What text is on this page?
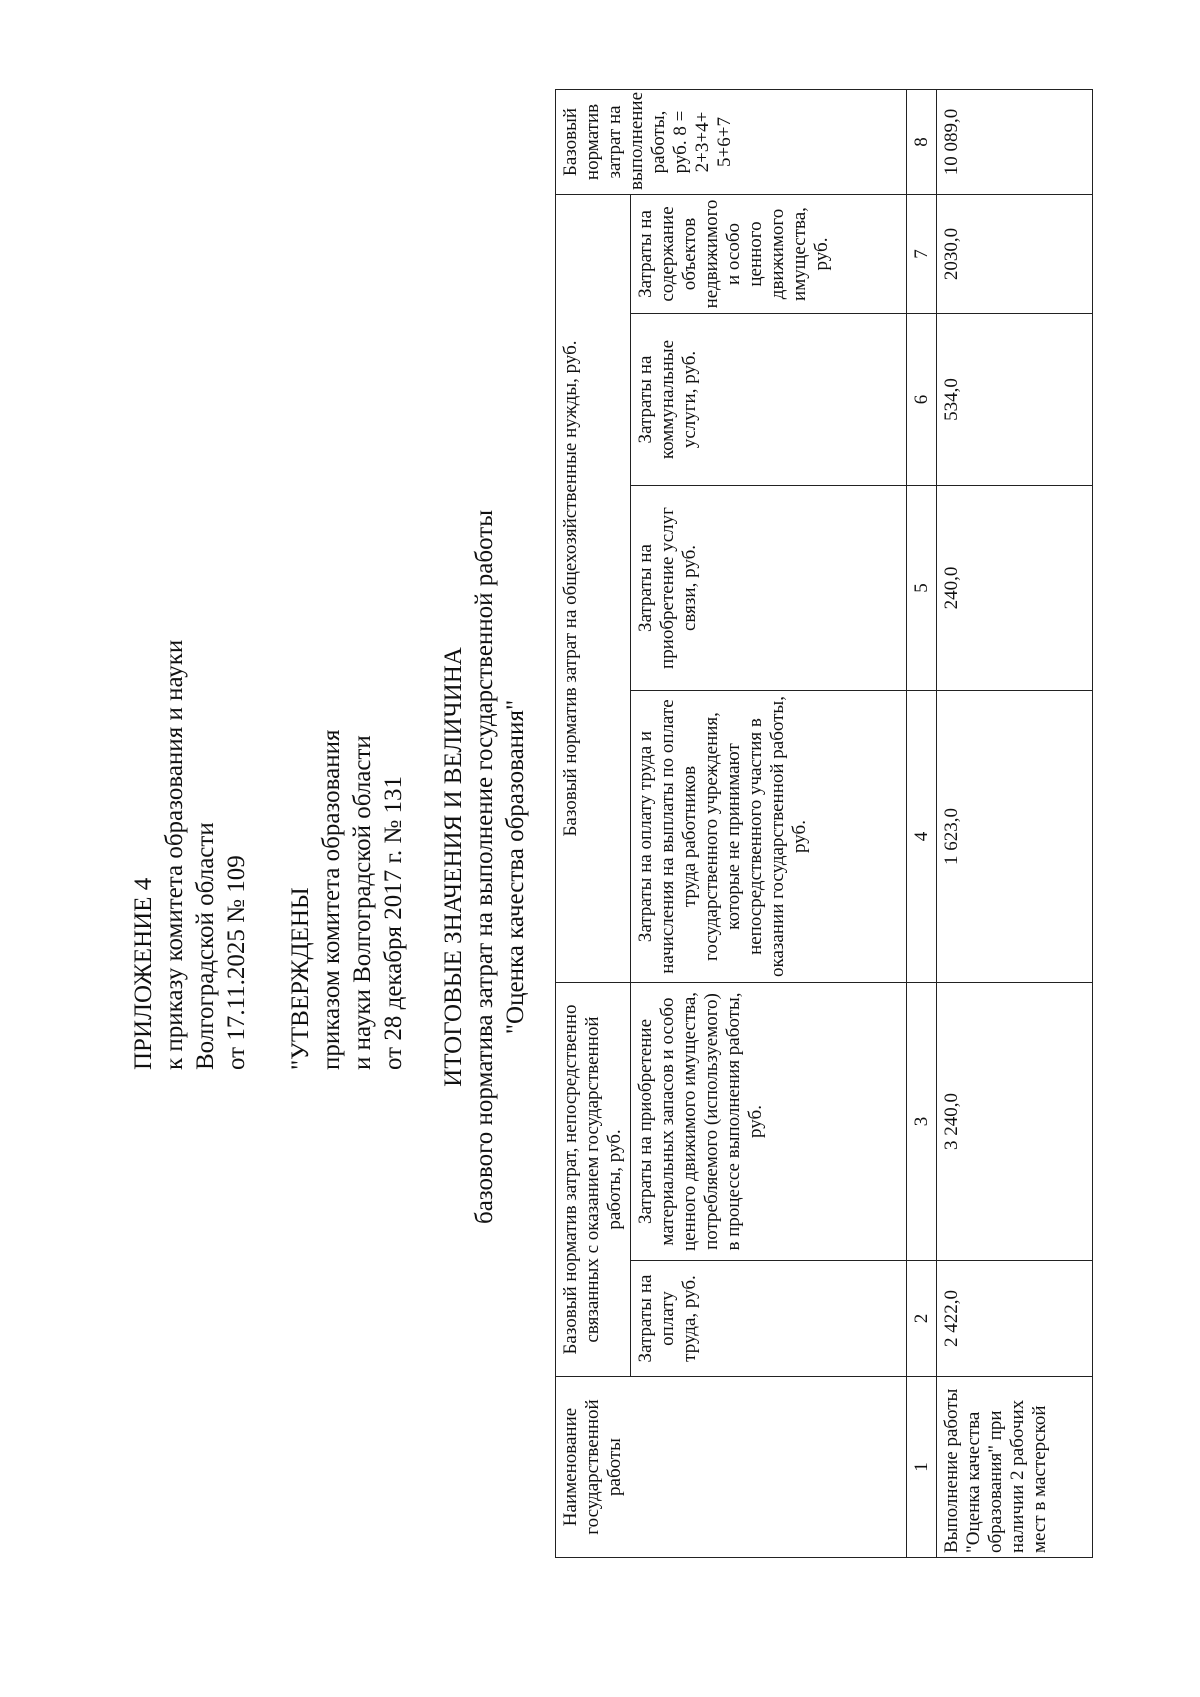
ПРИЛОЖЕНИЕ 4 к приказу комитета образования и науки Волгоградской области от 17.11.2025 № 109 "УТВЕРЖДЕНЫ приказом комитета образования и науки Волгоградской области от 28 декабря 2017 г. № 131 ИТОГОВЫЕ ЗНАЧЕНИЯ И ВЕЛИЧИНА базового норматива затрат на выполнение государственной работы "Оценка качества образования"
Наименование государственной работы	Базовый норматив затрат, непосредственно связанных с оказанием государственной работы, руб.		Базовый норматив затрат на общехозяйственные нужды, руб.				Базовый норматив затрат на выполнение работы, руб. 8 = 2+3+4+ 5+6+7
	Затраты на оплату труда, руб.	Затраты на приобретение материальных запасов и особо ценного движимого имущества, потребляемого (используемого) в процессе выполнения работы, руб.	Затраты на оплату труда и начисления на выплаты по оплате труда работников государственного учреждения, которые не принимают непосредственного участия в оказании государственной работы, руб.	Затраты на приобретение услуг связи, руб.	Затраты на коммунальные услуги, руб.	Затраты на содержание объектов недвижимого и особо ценного движимого имущества, руб.	
1	2	3	4	5	6	7	8
Выполнение работы "Оценка качества образования" при наличии 2 рабочих мест в мастерской	2 422,0	3 240,0	1 623,0	240,0	534,0	2030,0	10 089,0
